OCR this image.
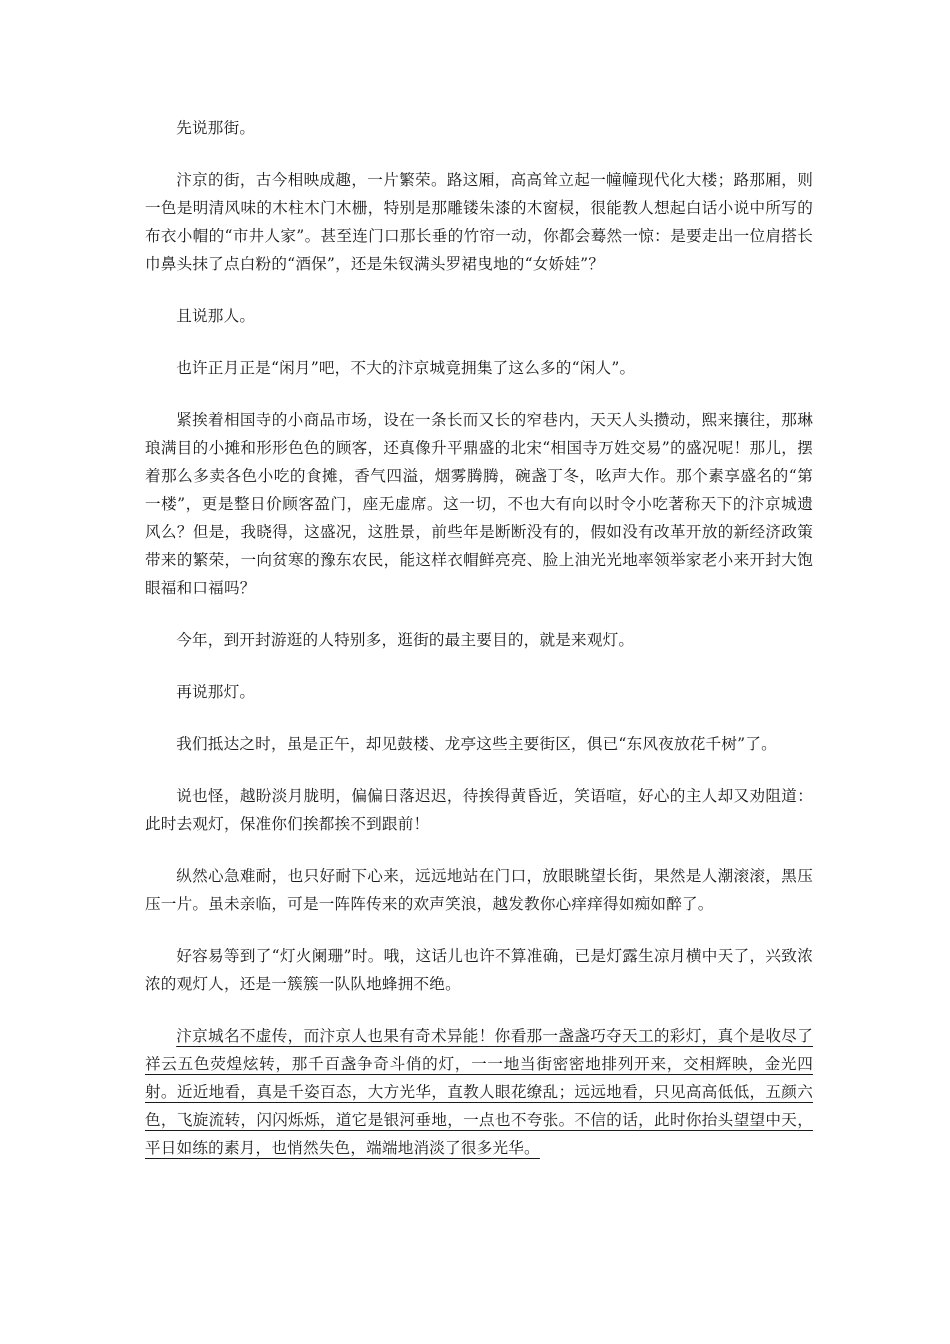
先说那街。

汴京的街，古今相映成趣，一片繁荣。路这厢，高高耸立起一幢幢现代化大楼；路那厢，则一色是明清风味的木柱木门木栅，特别是那雕镂朱漆的木窗棂，很能教人想起白话小说中所写的布衣小帽的“市井人家”。甚至连门口那长垂的竹帘一动，你都会蓦然一惊：是要走出一位肩搭长巾鼻头抹了点白粉的“酒保”，还是朱钗满头罗裙曳地的“女娇娃”？

且说那人。

也许正月正是“闲月”吧，不大的汴京城竟拥集了这么多的“闲人”。

紧挨着相国寺的小商品市场，设在一条长而又长的窄巷内，天天人头攒动，熙来攘往，那琳琅满目的小摊和形形色色的顾客，还真像升平鼎盛的北宋“相国寺万姓交易”的盛况呢！那儿，摆着那么多卖各色小吃的食摊，香气四溢，烟雾腾腾，碗盏丁冬，吆声大作。那个素享盛名的“第一楼”，更是整日价顾客盈门，座无虚席。这一切，不也大有向以时令小吃著称天下的汴京城遗风么？但是，我晓得，这盛况，这胜景，前些年是断断没有的，假如没有改革开放的新经济政策带来的繁荣，一向贫寒的豫东农民，能这样衣帽鲜亮亮、脸上油光光地率领举家老小来开封大饱眼福和口福吗？

今年，到开封游逛的人特别多，逛街的最主要目的，就是来观灯。

再说那灯。

我们抵达之时，虽是正午，却见鼓楼、龙亭这些主要街区，俱已“东风夜放花千树”了。

说也怪，越盼淡月胧明，偏偏日落迟迟，待挨得黄昏近，笑语喧，好心的主人却又劝阻道：此时去观灯，保准你们挨都挨不到跟前！

纵然心急难耐，也只好耐下心来，远远地站在门口，放眼眺望长街，果然是人潮滚滚，黑压压一片。虽未亲临，可是一阵阵传来的欢声笑浪，越发教你心痒痒得如痴如醉了。

好容易等到了“灯火阑珊”时。哦，这话儿也许不算准确，已是灯露生凉月横中天了，兴致浓浓的观灯人，还是一簇簇一队队地蜂拥不绝。

汴京城名不虚传，而汴京人也果有奇术异能！你看那一盏盏巧夺天工的彩灯，真个是收尽了祥云五色荧煌炫转，那千百盏争奇斗俏的灯，一一地当街密密地排列开来，交相辉映，金光四射。近近地看，真是千姿百态，大方光华，直教人眼花缭乱；远远地看，只见高高低低，五颜六色，飞旋流转，闪闪烁烁，道它是银河垂地，一点也不夸张。不信的话，此时你抬头望望中天，平日如练的素月，也悄然失色，端端地消淡了很多光华。
